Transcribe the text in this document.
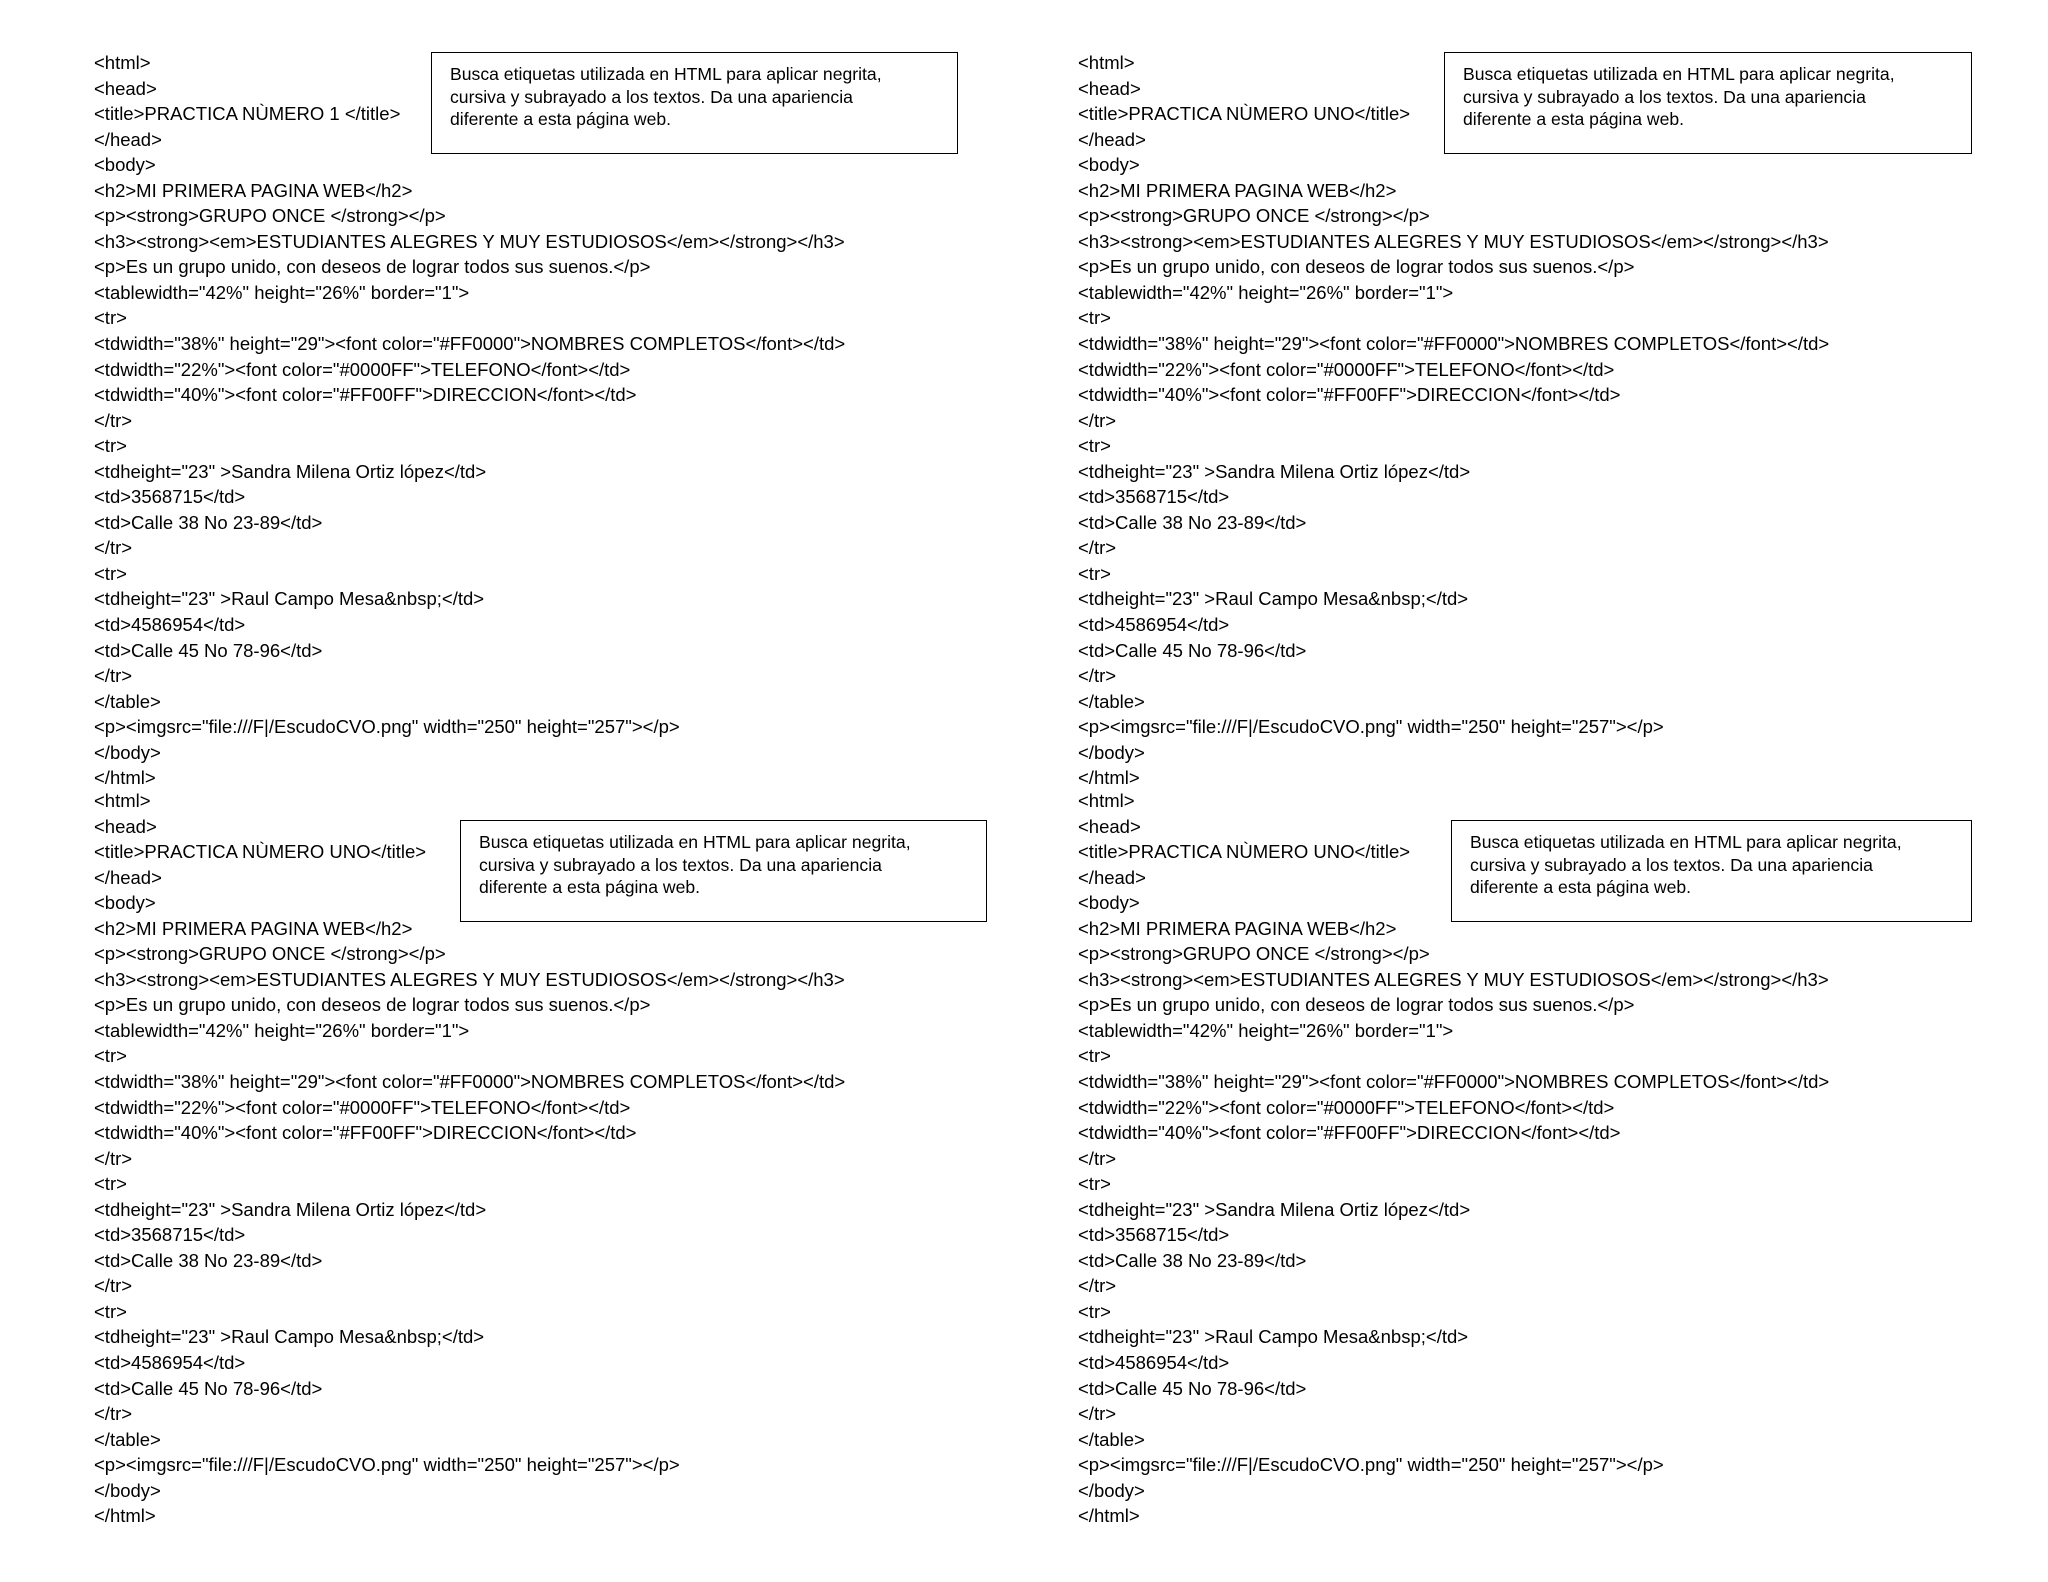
<html>
<head>
<title>PRACTICA NÙMERO 1 </title>
</head>
<body>
<h2>MI PRIMERA PAGINA WEB</h2>
<p><strong>GRUPO ONCE </strong></p>
<h3><strong><em>ESTUDIANTES ALEGRES Y MUY ESTUDIOSOS</em></strong></h3>
<p>Es un grupo unido, con deseos de lograr todos sus suenos.</p>
<tablewidth="42%" height="26%" border="1">
<tr>
<tdwidth="38%" height="29"><font color="#FF0000">NOMBRES COMPLETOS</font></td>
<tdwidth="22%"><font color="#0000FF">TELEFONO</font></td>
<tdwidth="40%"><font color="#FF00FF">DIRECCION</font></td>
</tr>
<tr>
<tdheight="23" >Sandra Milena Ortiz lópez</td>
<td>3568715</td>
<td>Calle 38 No 23-89</td>
</tr>
<tr>
<tdheight="23" >Raul Campo Mesa&nbsp;</td>
<td>4586954</td>
<td>Calle 45 No 78-96</td>
</tr>
</table>
<p><imgsrc="file:///F|/EscudoCVO.png" width="250" height="257"></p>
</body>
</html>
Busca etiquetas utilizada en HTML para aplicar negrita,
cursiva y subrayado a los textos. Da una apariencia
diferente a esta página web.
<html>
<head>
<title>PRACTICA NÙMERO UNO</title>
</head>
<body>
<h2>MI PRIMERA PAGINA WEB</h2>
<p><strong>GRUPO ONCE </strong></p>
<h3><strong><em>ESTUDIANTES ALEGRES Y MUY ESTUDIOSOS</em></strong></h3>
<p>Es un grupo unido, con deseos de lograr todos sus suenos.</p>
<tablewidth="42%" height="26%" border="1">
<tr>
<tdwidth="38%" height="29"><font color="#FF0000">NOMBRES COMPLETOS</font></td>
<tdwidth="22%"><font color="#0000FF">TELEFONO</font></td>
<tdwidth="40%"><font color="#FF00FF">DIRECCION</font></td>
</tr>
<tr>
<tdheight="23" >Sandra Milena Ortiz lópez</td>
<td>3568715</td>
<td>Calle 38 No 23-89</td>
</tr>
<tr>
<tdheight="23" >Raul Campo Mesa&nbsp;</td>
<td>4586954</td>
<td>Calle 45 No 78-96</td>
</tr>
</table>
<p><imgsrc="file:///F|/EscudoCVO.png" width="250" height="257"></p>
</body>
</html>
Busca etiquetas utilizada en HTML para aplicar negrita,
cursiva y subrayado a los textos. Da una apariencia
diferente a esta página web.
<html>
<head>
<title>PRACTICA NÙMERO UNO</title>
</head>
<body>
<h2>MI PRIMERA PAGINA WEB</h2>
<p><strong>GRUPO ONCE </strong></p>
<h3><strong><em>ESTUDIANTES ALEGRES Y MUY ESTUDIOSOS</em></strong></h3>
<p>Es un grupo unido, con deseos de lograr todos sus suenos.</p>
<tablewidth="42%" height="26%" border="1">
<tr>
<tdwidth="38%" height="29"><font color="#FF0000">NOMBRES COMPLETOS</font></td>
<tdwidth="22%"><font color="#0000FF">TELEFONO</font></td>
<tdwidth="40%"><font color="#FF00FF">DIRECCION</font></td>
</tr>
<tr>
<tdheight="23" >Sandra Milena Ortiz lópez</td>
<td>3568715</td>
<td>Calle 38 No 23-89</td>
</tr>
<tr>
<tdheight="23" >Raul Campo Mesa&nbsp;</td>
<td>4586954</td>
<td>Calle 45 No 78-96</td>
</tr>
</table>
<p><imgsrc="file:///F|/EscudoCVO.png" width="250" height="257"></p>
</body>
</html>
Busca etiquetas utilizada en HTML para aplicar negrita,
cursiva y subrayado a los textos. Da una apariencia
diferente a esta página web.
<html>
<head>
<title>PRACTICA NÙMERO UNO</title>
</head>
<body>
<h2>MI PRIMERA PAGINA WEB</h2>
<p><strong>GRUPO ONCE </strong></p>
<h3><strong><em>ESTUDIANTES ALEGRES Y MUY ESTUDIOSOS</em></strong></h3>
<p>Es un grupo unido, con deseos de lograr todos sus suenos.</p>
<tablewidth="42%" height="26%" border="1">
<tr>
<tdwidth="38%" height="29"><font color="#FF0000">NOMBRES COMPLETOS</font></td>
<tdwidth="22%"><font color="#0000FF">TELEFONO</font></td>
<tdwidth="40%"><font color="#FF00FF">DIRECCION</font></td>
</tr>
<tr>
<tdheight="23" >Sandra Milena Ortiz lópez</td>
<td>3568715</td>
<td>Calle 38 No 23-89</td>
</tr>
<tr>
<tdheight="23" >Raul Campo Mesa&nbsp;</td>
<td>4586954</td>
<td>Calle 45 No 78-96</td>
</tr>
</table>
<p><imgsrc="file:///F|/EscudoCVO.png" width="250" height="257"></p>
</body>
</html>
Busca etiquetas utilizada en HTML para aplicar negrita,
cursiva y subrayado a los textos. Da una apariencia
diferente a esta página web.
